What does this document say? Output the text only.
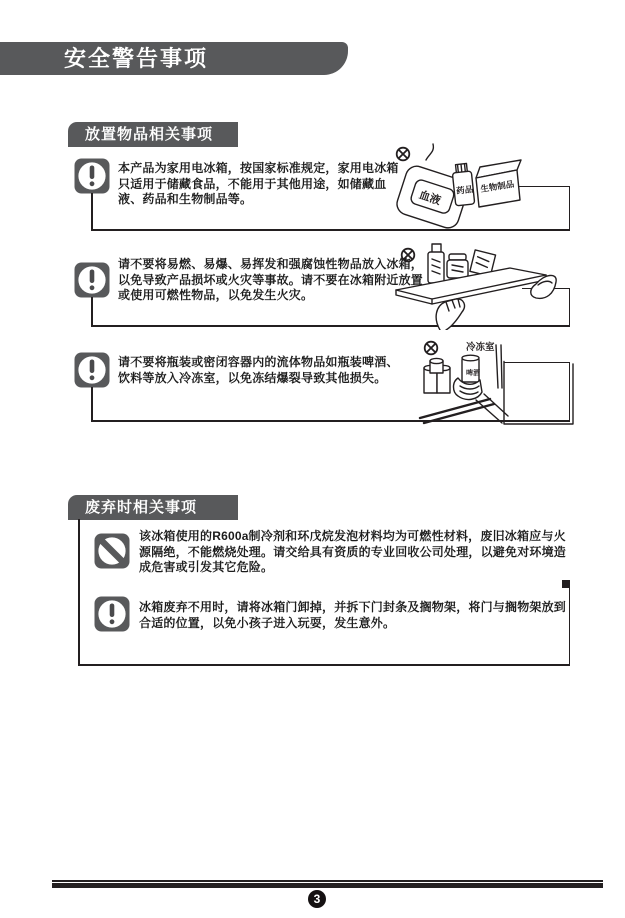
安全警告事项
放置物品相关事项
本产品为家用电冰箱，按国家标准规定，家用电冰箱只适用于储藏食品，不能用于其他用途，如储藏血液、药品和生物制品等。	血液 药品 生物制品
请不要将易燃、易爆、易挥发和强腐蚀性物品放入冰箱，以免导致产品损坏或火灾等事故。请不要在冰箱附近放置或使用可燃性物品，以免发生火灾。
请不要将瓶装或密闭容器内的流体物品如瓶装啤酒、饮料等放入冷冻室，以免冻结爆裂导致其他损失。
冷冻室
啤酒
废弃时相关事项
该冰箱使用的R600a制冷剂和环戊烷发泡材料均为可燃性材料，废旧冰箱应与火源隔绝，不能燃烧处理。请交给具有资质的专业回收公司处理，以避免对环境造成危害或引发其它危险。
冰箱废弃不用时，请将冰箱门卸掉，并拆下门封条及搁物架，将门与搁物架放到合适的位置，以免小孩子进入玩耍，发生意外。
3
